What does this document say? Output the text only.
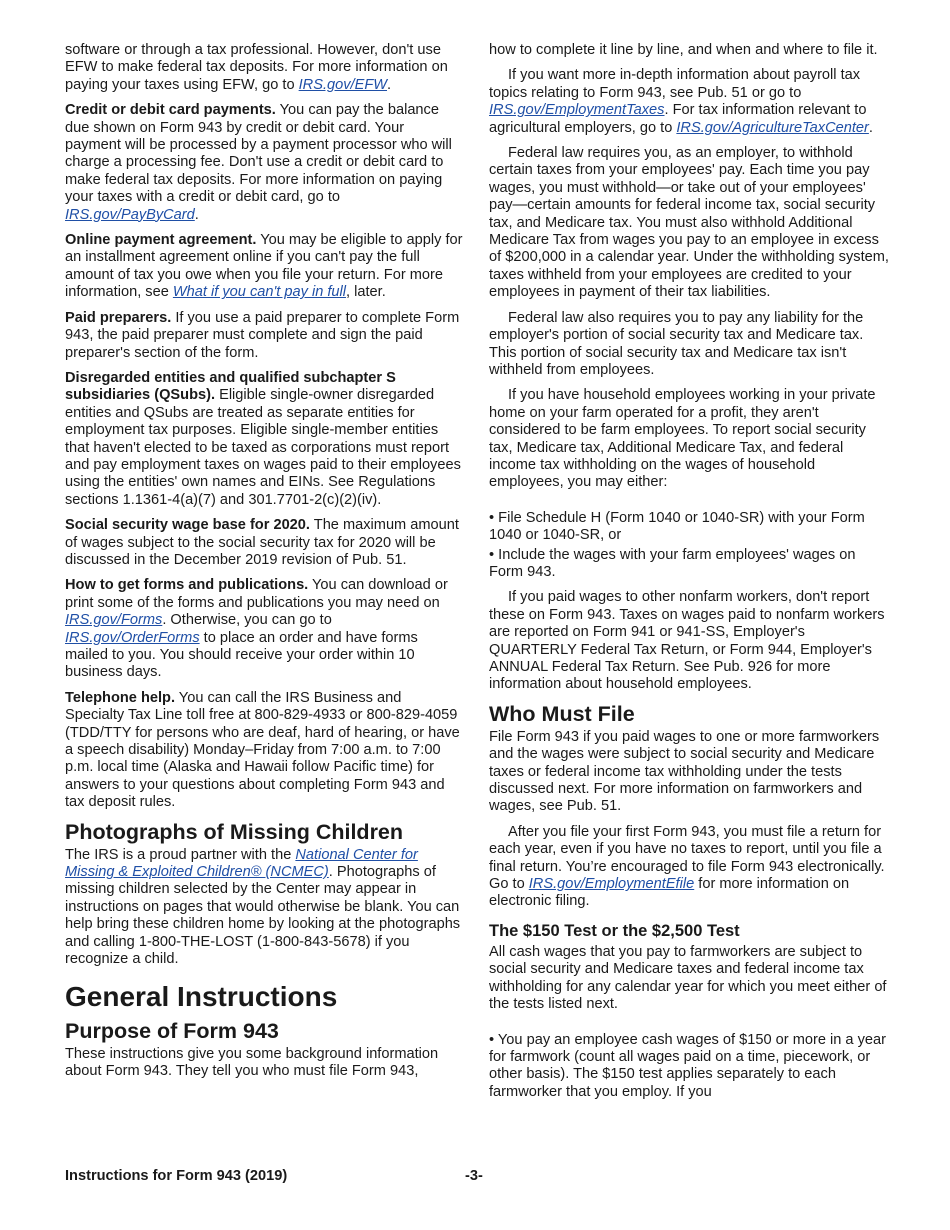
software or through a tax professional. However, don't use EFW to make federal tax deposits. For more information on paying your taxes using EFW, go to IRS.gov/EFW.

Credit or debit card payments. You can pay the balance due shown on Form 943 by credit or debit card. Your payment will be processed by a payment processor who will charge a processing fee. Don't use a credit or debit card to make federal tax deposits. For more information on paying your taxes with a credit or debit card, go to IRS.gov/PayByCard.

Online payment agreement. You may be eligible to apply for an installment agreement online if you can't pay the full amount of tax you owe when you file your return. For more information, see What if you can't pay in full, later.

Paid preparers. If you use a paid preparer to complete Form 943, the paid preparer must complete and sign the paid preparer's section of the form.

Disregarded entities and qualified subchapter S subsidiaries (QSubs). Eligible single-owner disregarded entities and QSubs are treated as separate entities for employment tax purposes. Eligible single-member entities that haven't elected to be taxed as corporations must report and pay employment taxes on wages paid to their employees using the entities' own names and EINs. See Regulations sections 1.1361-4(a)(7) and 301.7701-2(c)(2)(iv).

Social security wage base for 2020. The maximum amount of wages subject to the social security tax for 2020 will be discussed in the December 2019 revision of Pub. 51.

How to get forms and publications. You can download or print some of the forms and publications you may need on IRS.gov/Forms. Otherwise, you can go to IRS.gov/OrderForms to place an order and have forms mailed to you. You should receive your order within 10 business days.

Telephone help. You can call the IRS Business and Specialty Tax Line toll free at 800-829-4933 or 800-829-4059 (TDD/TTY for persons who are deaf, hard of hearing, or have a speech disability) Monday–Friday from 7:00 a.m. to 7:00 p.m. local time (Alaska and Hawaii follow Pacific time) for answers to your questions about completing Form 943 and tax deposit rules.

Photographs of Missing Children

The IRS is a proud partner with the National Center for Missing & Exploited Children® (NCMEC). Photographs of missing children selected by the Center may appear in instructions on pages that would otherwise be blank. You can help bring these children home by looking at the photographs and calling 1-800-THE-LOST (1-800-843-5678) if you recognize a child.

General Instructions
Purpose of Form 943

These instructions give you some background information about Form 943. They tell you who must file Form 943,

how to complete it line by line, and when and where to file it.

If you want more in-depth information about payroll tax topics relating to Form 943, see Pub. 51 or go to IRS.gov/EmploymentTaxes. For tax information relevant to agricultural employers, go to IRS.gov/AgricultureTaxCenter.

Federal law requires you, as an employer, to withhold certain taxes from your employees' pay. Each time you pay wages, you must withhold—or take out of your employees' pay—certain amounts for federal income tax, social security tax, and Medicare tax. You must also withhold Additional Medicare Tax from wages you pay to an employee in excess of $200,000 in a calendar year. Under the withholding system, taxes withheld from your employees are credited to your employees in payment of their tax liabilities.

Federal law also requires you to pay any liability for the employer's portion of social security tax and Medicare tax. This portion of social security tax and Medicare tax isn't withheld from employees.

If you have household employees working in your private home on your farm operated for a profit, they aren't considered to be farm employees. To report social security tax, Medicare tax, Additional Medicare Tax, and federal income tax withholding on the wages of household employees, you may either:

• File Schedule H (Form 1040 or 1040-SR) with your Form 1040 or 1040-SR, or

• Include the wages with your farm employees' wages on Form 943.

If you paid wages to other nonfarm workers, don't report these on Form 943. Taxes on wages paid to nonfarm workers are reported on Form 941 or 941-SS, Employer's QUARTERLY Federal Tax Return, or Form 944, Employer's ANNUAL Federal Tax Return. See Pub. 926 for more information about household employees.

Who Must File

File Form 943 if you paid wages to one or more farmworkers and the wages were subject to social security and Medicare taxes or federal income tax withholding under the tests discussed next. For more information on farmworkers and wages, see Pub. 51.

After you file your first Form 943, you must file a return for each year, even if you have no taxes to report, until you file a final return. You’re encouraged to file Form 943 electronically. Go to IRS.gov/EmploymentEfile for more information on electronic filing.

The $150 Test or the $2,500 Test

All cash wages that you pay to farmworkers are subject to social security and Medicare taxes and federal income tax withholding for any calendar year for which you meet either of the tests listed next.

• You pay an employee cash wages of $150 or more in a year for farmwork (count all wages paid on a time, piecework, or other basis). The $150 test applies separately to each farmworker that you employ. If you

Instructions for Form 943 (2019)	-3-
